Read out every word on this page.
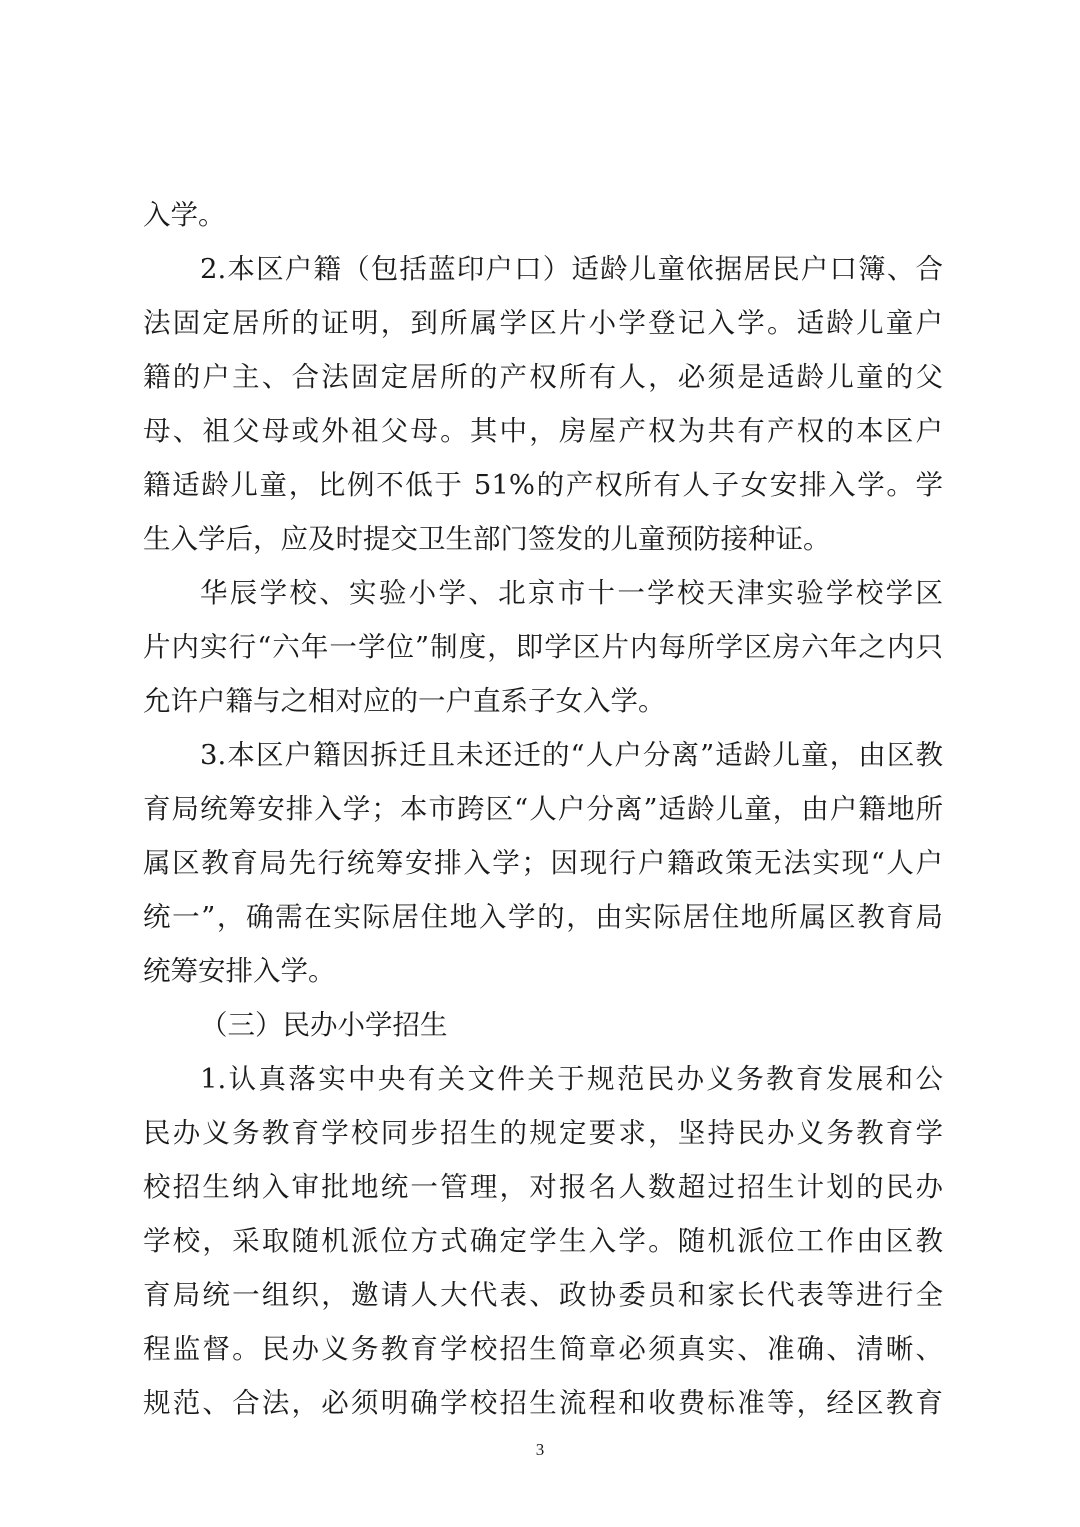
入学。
2.本区户籍（包括蓝印户口）适龄儿童依据居民户口簿、合
法固定居所的证明，到所属学区片小学登记入学。适龄儿童户
籍的户主、合法固定居所的产权所有人，必须是适龄儿童的父
母、祖父母或外祖父母。其中，房屋产权为共有产权的本区户
籍适龄儿童，比例不低于 51%的产权所有人子女安排入学。学
生入学后，应及时提交卫生部门签发的儿童预防接种证。
华辰学校、实验小学、北京市十一学校天津实验学校学区
片内实行“六年一学位”制度，即学区片内每所学区房六年之内只
允许户籍与之相对应的一户直系子女入学。
3.本区户籍因拆迁且未还迁的“人户分离”适龄儿童，由区教
育局统筹安排入学；本市跨区“人户分离”适龄儿童，由户籍地所
属区教育局先行统筹安排入学；因现行户籍政策无法实现“人户
统一”，确需在实际居住地入学的，由实际居住地所属区教育局
统筹安排入学。
（三）民办小学招生
1.认真落实中央有关文件关于规范民办义务教育发展和公
民办义务教育学校同步招生的规定要求，坚持民办义务教育学
校招生纳入审批地统一管理，对报名人数超过招生计划的民办
学校，采取随机派位方式确定学生入学。随机派位工作由区教
育局统一组织，邀请人大代表、政协委员和家长代表等进行全
程监督。民办义务教育学校招生简章必须真实、准确、清晰、
规范、合法，必须明确学校招生流程和收费标准等，经区教育
3
